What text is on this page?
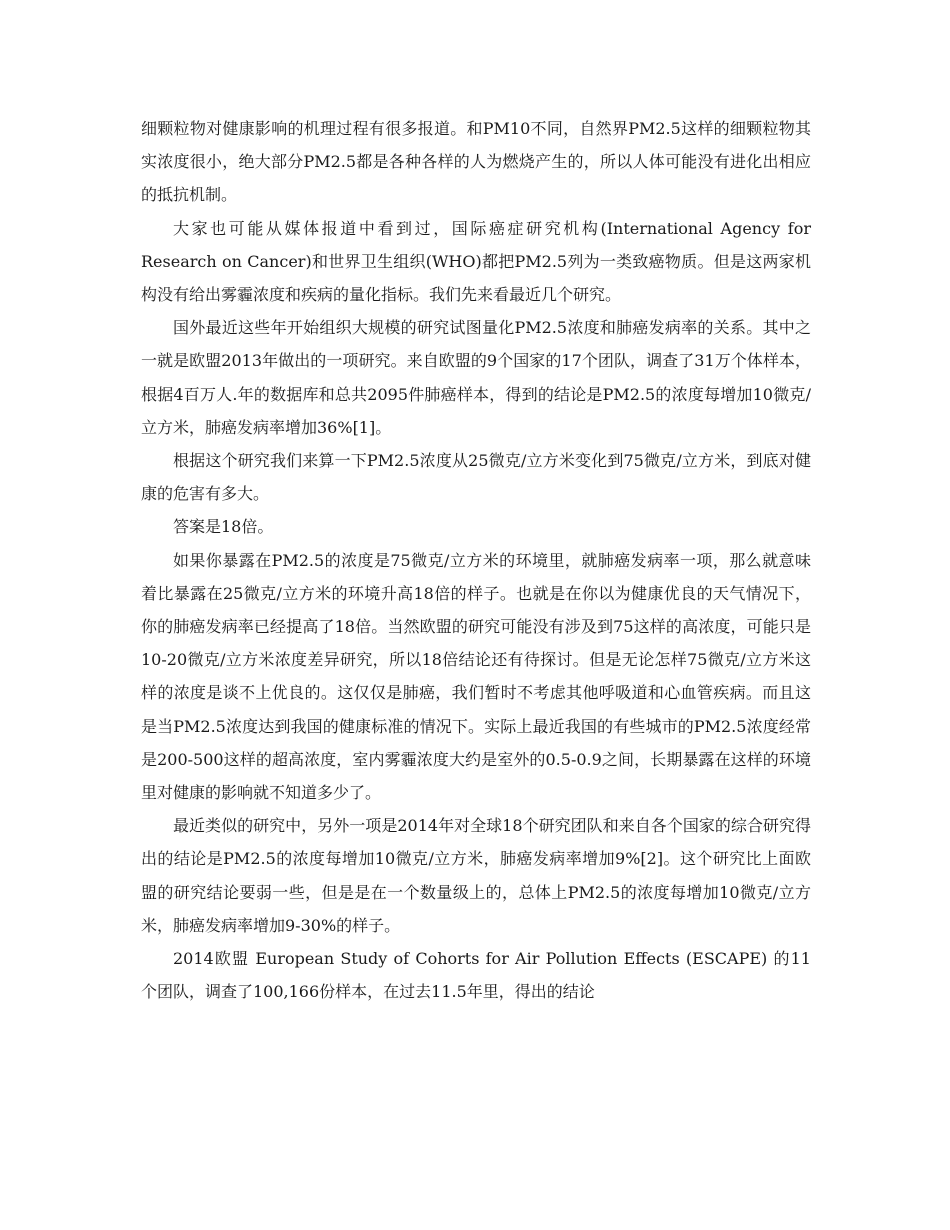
细颗粒物对健康影响的机理过程有很多报道。和PM10不同，自然界PM2.5这样的细颗粒物其实浓度很小，绝大部分PM2.5都是各种各样的人为燃烧产生的，所以人体可能没有进化出相应的抵抗机制。

大家也可能从媒体报道中看到过，国际癌症研究机构(International Agency for Research on Cancer)和世界卫生组织(WHO)都把PM2.5列为一类致癌物质。但是这两家机构没有给出雾霾浓度和疾病的量化指标。我们先来看最近几个研究。

国外最近这些年开始组织大规模的研究试图量化PM2.5浓度和肺癌发病率的关系。其中之一就是欧盟2013年做出的一项研究。来自欧盟的9个国家的17个团队，调查了31万个体样本，根据4百万人.年的数据库和总共2095件肺癌样本，得到的结论是PM2.5的浓度每增加10微克/立方米，肺癌发病率增加36%[1]。

根据这个研究我们来算一下PM2.5浓度从25微克/立方米变化到75微克/立方米，到底对健康的危害有多大。

答案是18倍。

如果你暴露在PM2.5的浓度是75微克/立方米的环境里，就肺癌发病率一项，那么就意味着比暴露在25微克/立方米的环境升高18倍的样子。也就是在你以为健康优良的天气情况下，你的肺癌发病率已经提高了18倍。当然欧盟的研究可能没有涉及到75这样的高浓度，可能只是10-20微克/立方米浓度差异研究，所以18倍结论还有待探讨。但是无论怎样75微克/立方米这样的浓度是谈不上优良的。这仅仅是肺癌，我们暂时不考虑其他呼吸道和心血管疾病。而且这是当PM2.5浓度达到我国的健康标准的情况下。实际上最近我国的有些城市的PM2.5浓度经常是200-500这样的超高浓度，室内雾霾浓度大约是室外的0.5-0.9之间，长期暴露在这样的环境里对健康的影响就不知道多少了。

最近类似的研究中，另外一项是2014年对全球18个研究团队和来自各个国家的综合研究得出的结论是PM2.5的浓度每增加10微克/立方米，肺癌发病率增加9%[2]。这个研究比上面欧盟的研究结论要弱一些，但是是在一个数量级上的，总体上PM2.5的浓度每增加10微克/立方米，肺癌发病率增加9-30%的样子。

2014欧盟 European Study of Cohorts for Air Pollution Effects (ESCAPE) 的11个团队，调查了100,166份样本，在过去11.5年里，得出的结论
